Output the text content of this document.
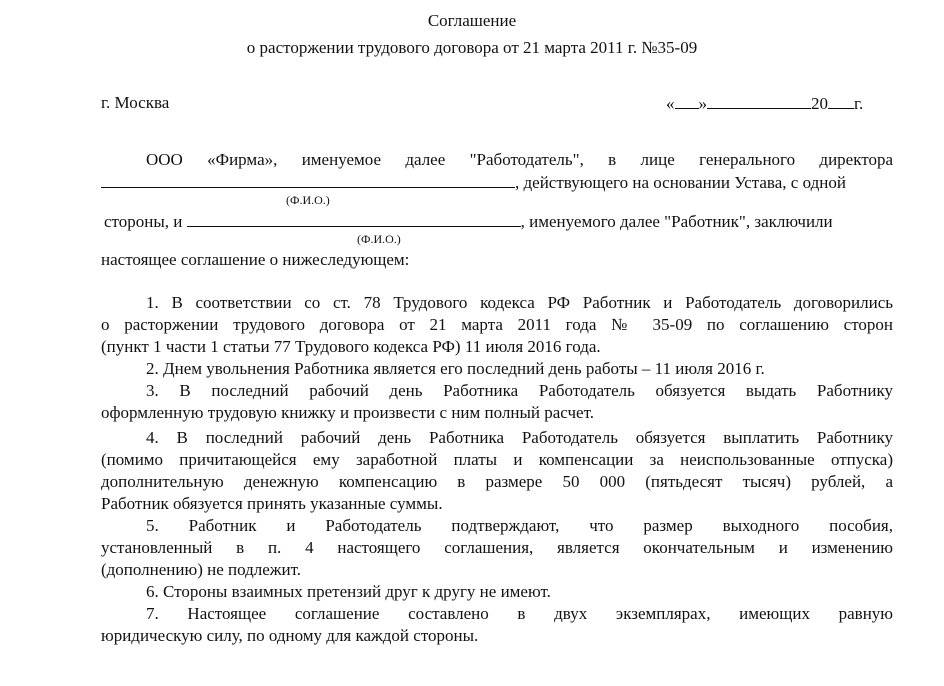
Соглашение
о расторжении трудового договора от 21 марта 2011 г. №35-09
г. Москва	« »	20 г.
ООО «Фирма», именуемое далее "Работодатель", в лице генерального директора
, действующего на основании Устава, с одной
(Ф.И.О.)
стороны, и	, именуемого далее "Работник", заключили
(Ф.И.О.)
настоящее соглашение о нижеследующем:
1. В соответствии со ст. 78 Трудового кодекса РФ Работник и Работодатель договорились
о расторжении трудового договора от 21 марта 2011 года № 35-09 по соглашению сторон
(пункт 1 части 1 статьи 77 Трудового кодекса РФ) 11 июля 2016 года.
2. Днем увольнения Работника является его последний день работы – 11 июля 2016 г.
3. В последний рабочий день Работника Работодатель обязуется выдать Работнику
оформленную трудовую книжку и произвести с ним полный расчет.
4. В последний рабочий день Работника Работодатель обязуется выплатить Работнику
(помимо причитающейся ему заработной платы и компенсации за неиспользованные отпуска)
дополнительную денежную компенсацию в размере 50 000 (пятьдесят тысяч) рублей, а
Работник обязуется принять указанные суммы.
5. Работник и Работодатель подтверждают, что размер выходного пособия,
установленный в п. 4 настоящего соглашения, является окончательным и изменению
(дополнению) не подлежит.
6. Стороны взаимных претензий друг к другу не имеют.
7. Настоящее соглашение составлено в двух экземплярах, имеющих равную
юридическую силу, по одному для каждой стороны.
